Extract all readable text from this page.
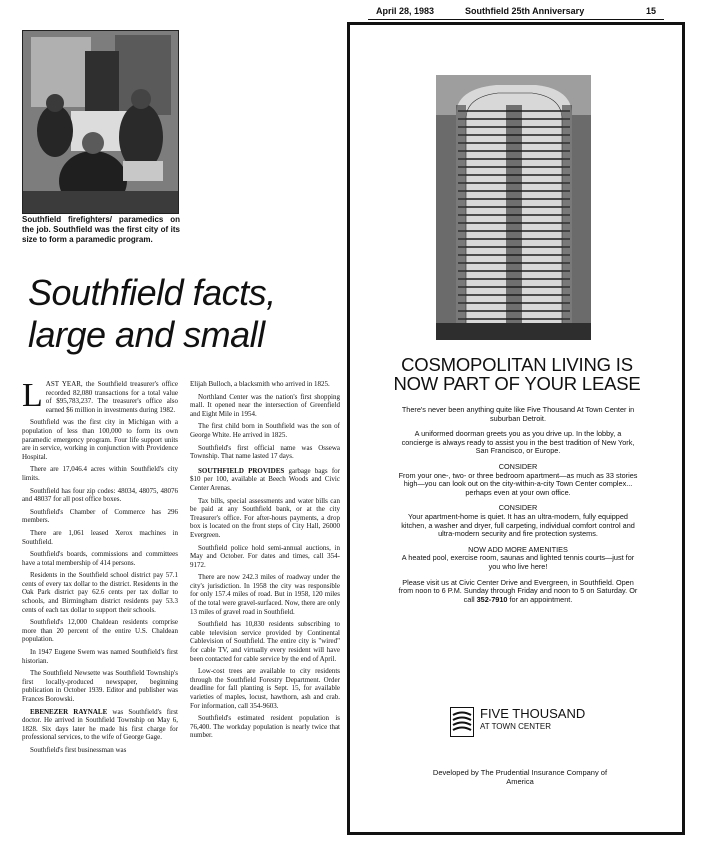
April 28, 1983	Southfield 25th Anniversary	15
Southfield firefighters/ paramedics on the job. Southfield was the first city of its size to form a paramedic program.
Southfield facts,
large and small

LAST YEAR, the Southfield treasurer's office recorded 82,080 transactions for a total value of $95,783,237. The treasurer's office also earned $6 million in investments during 1982.

Southfield was the first city in Michigan with a population of less than 100,000 to form its own paramedic emergency program. Four life support units are in service, working in conjunction with Providence Hospital.

There are 17,046.4 acres within Southfield's city limits.

Southfield has four zip codes: 48034, 48075, 48076 and 48037 for all post office boxes.

Southfield's Chamber of Commerce has 296 members.

There are 1,061 leased Xerox machines in Southfield.

Southfield's boards, commissions and committees have a total membership of 414 persons.

Residents in the Southfield school district pay 57.1 cents of every tax dollar to the district. Residents in the Oak Park district pay 62.6 cents per tax dollar to schools, and Birmingham district residents pay 53.3 cents of each tax dollar to support their schools.

Southfield's 12,000 Chaldean residents comprise more than 20 percent of the entire U.S. Chaldean population.

In 1947 Eugene Swem was named Southfield's first historian.

The Southfield Newsette was Southfield Township's first locally-produced newspaper, beginning publication in October 1939. Editor and publisher was Frances Borowski.

EBENEZER RAYNALE was Southfield's first doctor. He arrived in Southfield Township on May 6, 1828. Six days later he made his first charge for professional services, to the wife of George Gage.

Southfield's first businessman was

Elijah Bulloch, a blacksmith who arrived in 1825.

Northland Center was the nation's first shopping mall. It opened near the intersection of Greenfield and Eight Mile in 1954.

The first child born in Southfield was the son of George White. He arrived in 1825.

Southfield's first official name was Ossewa Township. That name lasted 17 days.

SOUTHFIELD PROVIDES garbage bags for $10 per 100, available at Beech Woods and Civic Center Arenas.

Tax bills, special assessments and water bills can be paid at any Southfield bank, or at the city Treasurer's office. For after-hours payments, a drop box is located on the front steps of City Hall, 26000 Evergreen.

Southfield police hold semi-annual auctions, in May and October. For dates and times, call 354-9172.

There are now 242.3 miles of roadway under the city's jurisdiction. In 1958 the city was responsible for only 157.4 miles of road. But in 1958, 120 miles of the total were gravel-surfaced. Now, there are only 13 miles of gravel road in Southfield.

Southfield has 10,830 residents subscribing to cable television service provided by Continental Cablevision of Southfield. The entire city is "wired" for cable TV, and virtually every resident will have been contacted for cable service by the end of April.

Low-cost trees are available to city residents through the Southfield Forestry Department. Order deadline for fall planting is Sept. 15, for available varieties of maples, locust, hawthorn, ash and crab. For information, call 354-9603.

Southfield's estimated resident population is 76,400. The workday population is nearly twice that number.

COSMOPOLITAN LIVING IS
NOW PART OF YOUR LEASE

There's never been anything quite like Five Thousand At Town Center in suburban Detroit.

A uniformed doorman greets you as you drive up. In the lobby, a concierge is always ready to assist you in the best tradition of New York, San Francisco, or Europe.

CONSIDER
From your one-, two- or three bedroom apartment—as much as 33 stories high—you can look out on the city-within-a-city Town Center complex... perhaps even at your own office.

CONSIDER
Your apartment-home is quiet. It has an ultra-modern, fully equipped kitchen, a washer and dryer, full carpeting, individual comfort control and ultra-modern security and fire protection systems.

NOW ADD MORE AMENITIES
A heated pool, exercise room, saunas and lighted tennis courts—just for you who live here!

Please visit us at Civic Center Drive and Evergreen, in Southfield. Open from noon to 6 P.M. Sunday through Friday and noon to 5 on Saturday. Or call 352-7910 for an appointment.

FIVE THOUSAND
AT TOWN CENTER
Developed by The Prudential Insurance Company of America
